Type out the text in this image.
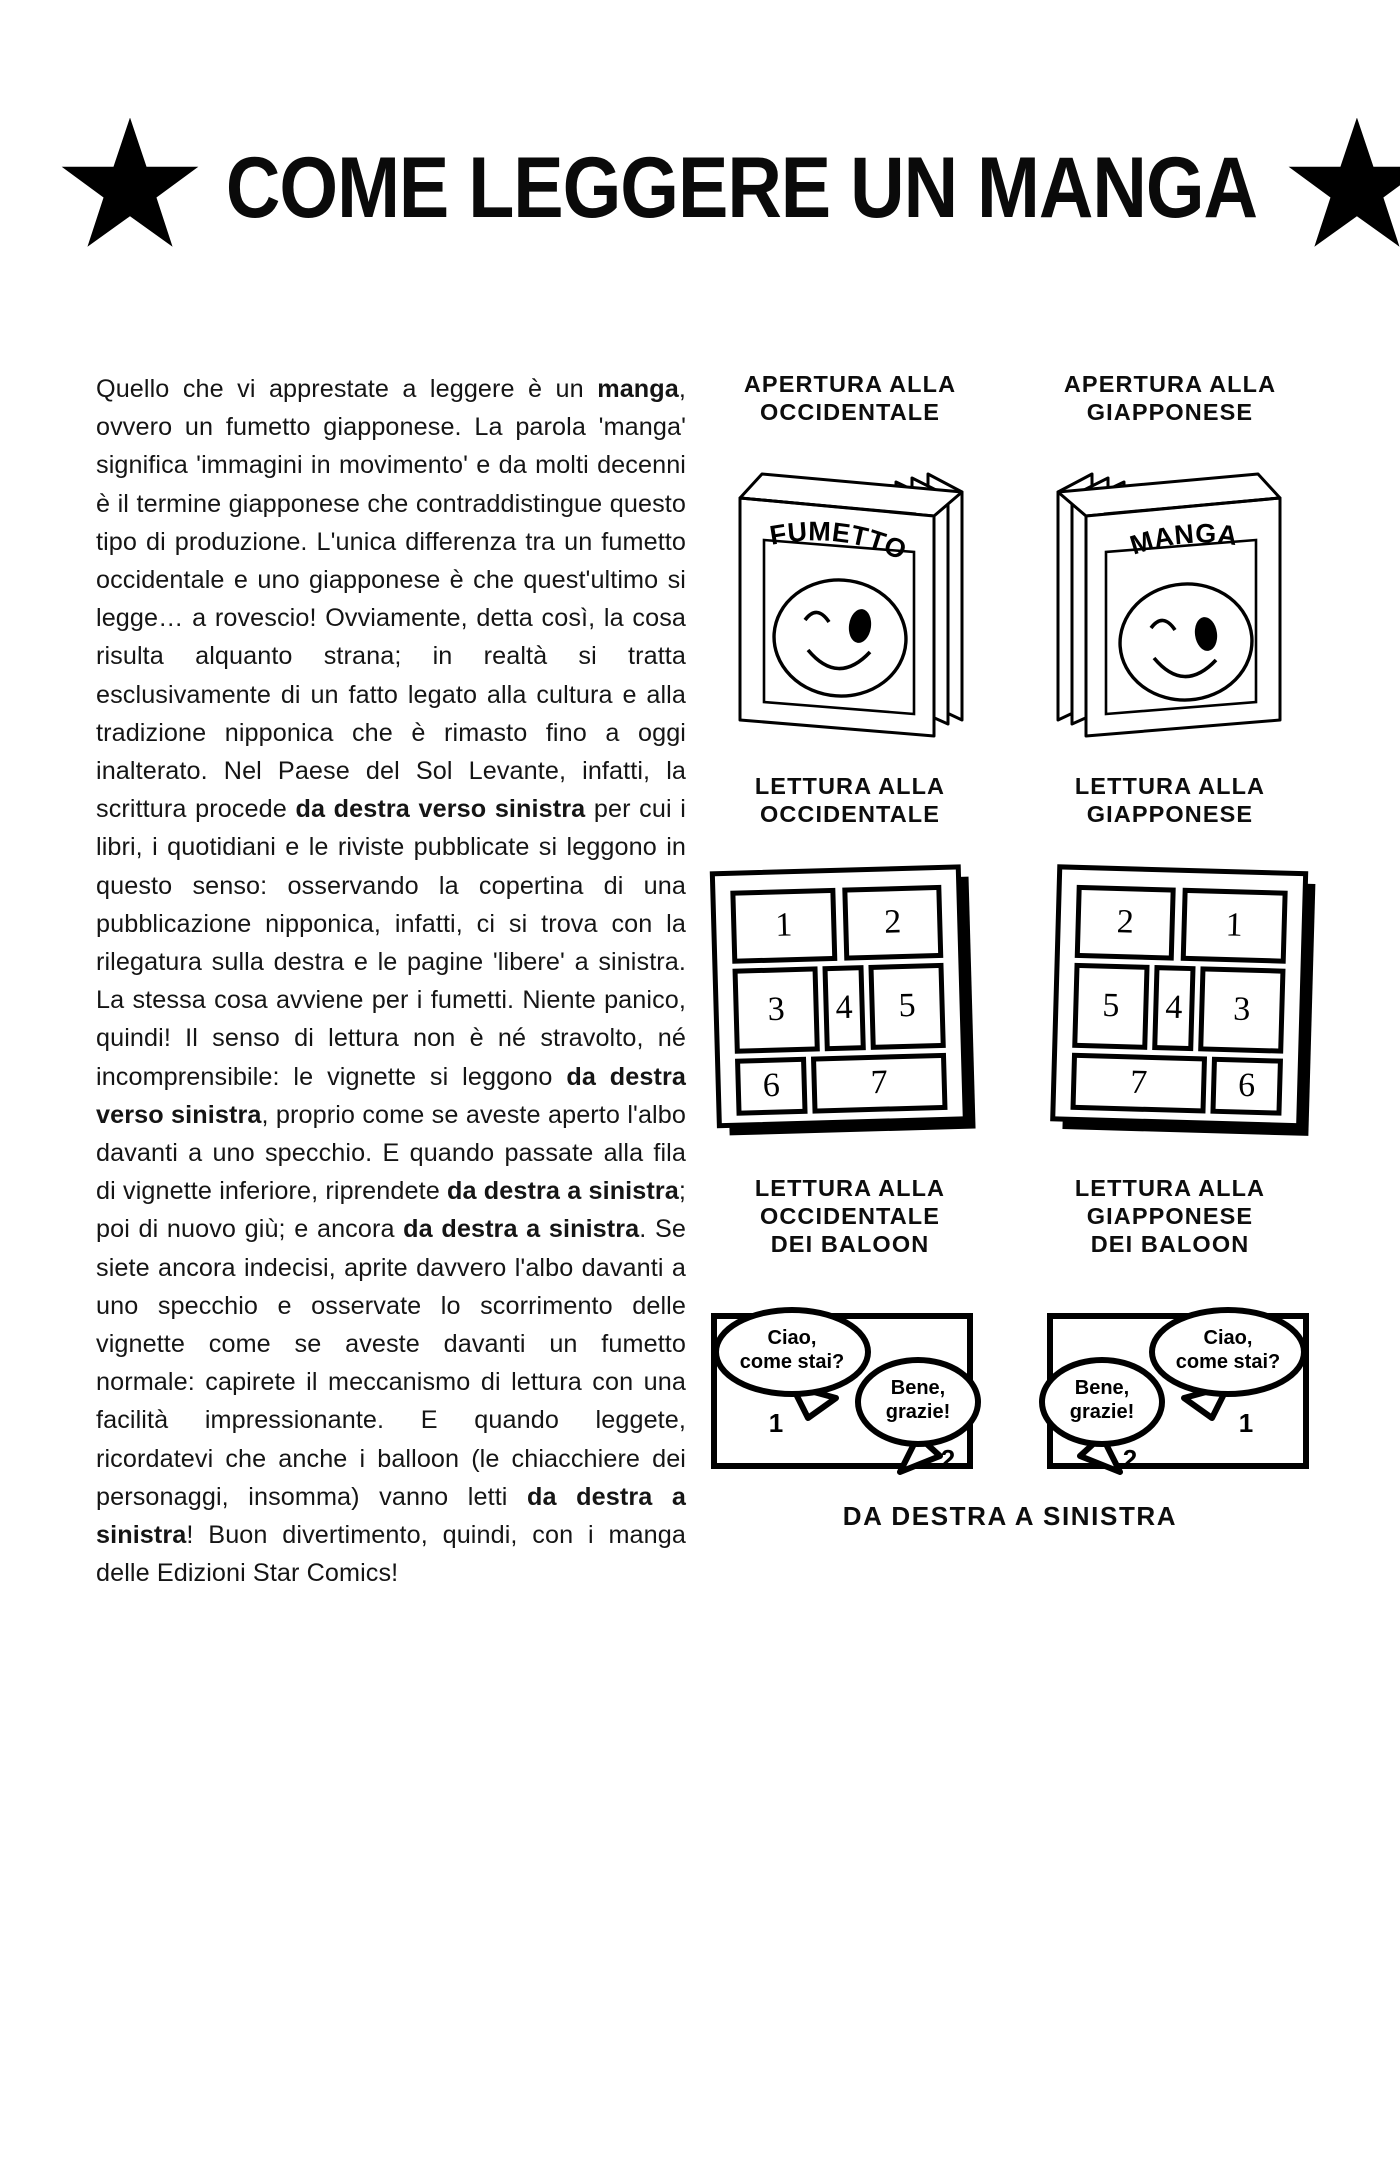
COME LEGGERE UN MANGA

Quello che vi apprestate a leggere è un manga, ovvero un fumetto giapponese. La parola 'manga' significa 'immagini in movimento' e da molti decenni è il termine giapponese che contraddistingue questo tipo di produzione. L'unica differenza tra un fumetto occidentale e uno giapponese è che quest'ultimo si legge… a rovescio! Ovviamente, detta così, la cosa risulta alquanto strana; in realtà si tratta esclusivamente di un fatto legato alla cultura e alla tradizione nipponica che è rimasto fino a oggi inalterato. Nel Paese del Sol Levante, infatti, la scrittura procede da destra verso sinistra per cui i libri, i quotidiani e le riviste pubblicate si leggono in questo senso: osservando la copertina di una pubblicazione nipponica, infatti, ci si trova con la rilegatura sulla destra e le pagine 'libere' a sinistra. La stessa cosa avviene per i fumetti. Niente panico, quindi! Il senso di lettura non è né stravolto, né incomprensibile: le vignette si leggono da destra verso sinistra, proprio come se aveste aperto l'albo davanti a uno specchio. E quando passate alla fila di vignette inferiore, riprendete da destra a sinistra; poi di nuovo giù; e ancora da destra a sinistra. Se siete ancora indecisi, aprite davvero l'albo davanti a uno specchio e osservate lo scorrimento delle vignette come se aveste davanti un fumetto normale: capirete il meccanismo di lettura con una facilità impressionante. E quando leggete, ricordatevi che anche i balloon (le chiacchiere dei personaggi, insomma) vanno letti da destra a sinistra! Buon divertimento, quindi, con i manga delle Edizioni Star Comics!

APERTURA ALLA
OCCIDENTALE
APERTURA ALLA
GIAPPONESE
FUMETTO	MANGA
LETTURA ALLA
OCCIDENTALE
LETTURA ALLA
GIAPPONESE
1	2
3 4 5
6	7
2	1
5 4 3
7	6
LETTURA ALLA
OCCIDENTALE
DEI BALOON
LETTURA ALLA
GIAPPONESE
DEI BALOON
Ciao,
come stai?
1
Bene,
grazie!
2
Bene,
grazie!
2
Ciao,
come stai?
1
DA DESTRA A SINISTRA
